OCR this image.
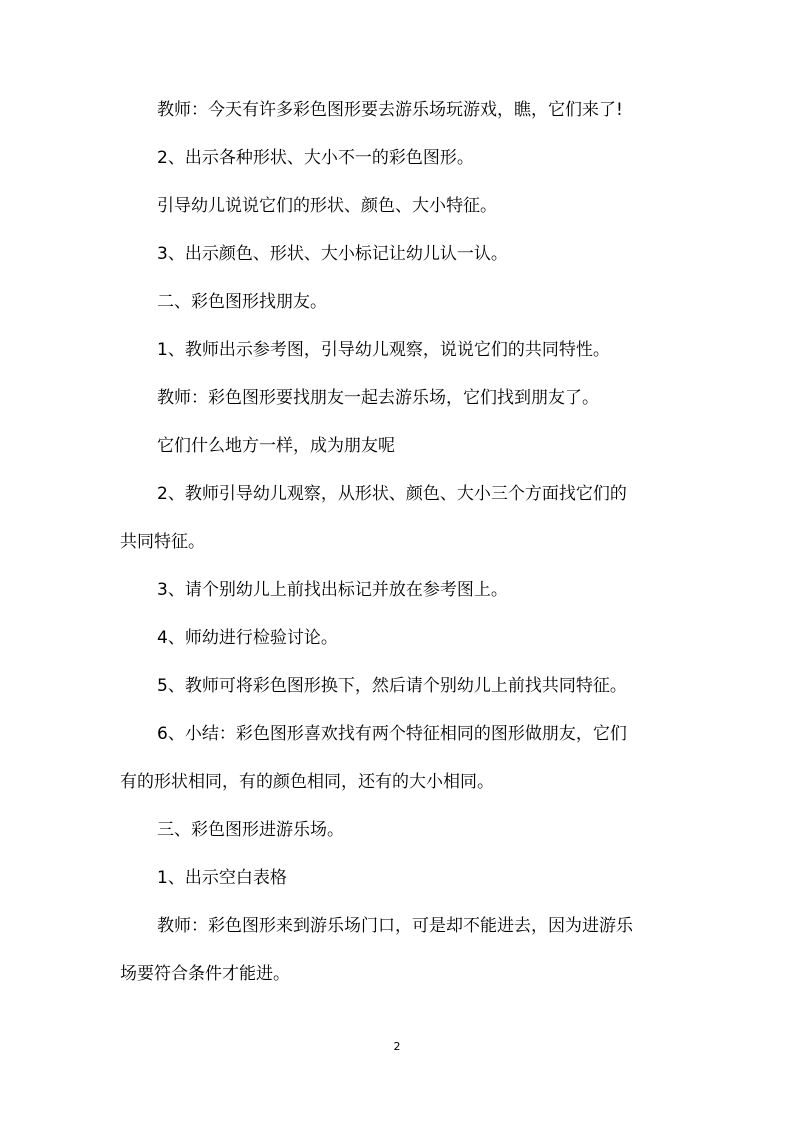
教师：今天有许多彩色图形要去游乐场玩游戏，瞧，它们来了!
2、出示各种形状、大小不一的彩色图形。
引导幼儿说说它们的形状、颜色、大小特征。
3、出示颜色、形状、大小标记让幼儿认一认。
二、彩色图形找朋友。
1、教师出示参考图，引导幼儿观察，说说它们的共同特性。
教师：彩色图形要找朋友一起去游乐场，它们找到朋友了。
它们什么地方一样，成为朋友呢
2、教师引导幼儿观察，从形状、颜色、大小三个方面找它们的
共同特征。
3、请个别幼儿上前找出标记并放在参考图上。
4、师幼进行检验讨论。
5、教师可将彩色图形换下，然后请个别幼儿上前找共同特征。
6、小结：彩色图形喜欢找有两个特征相同的图形做朋友，它们
有的形状相同，有的颜色相同，还有的大小相同。
三、彩色图形进游乐场。
1、出示空白表格
教师：彩色图形来到游乐场门口，可是却不能进去，因为进游乐
场要符合条件才能进。
2
